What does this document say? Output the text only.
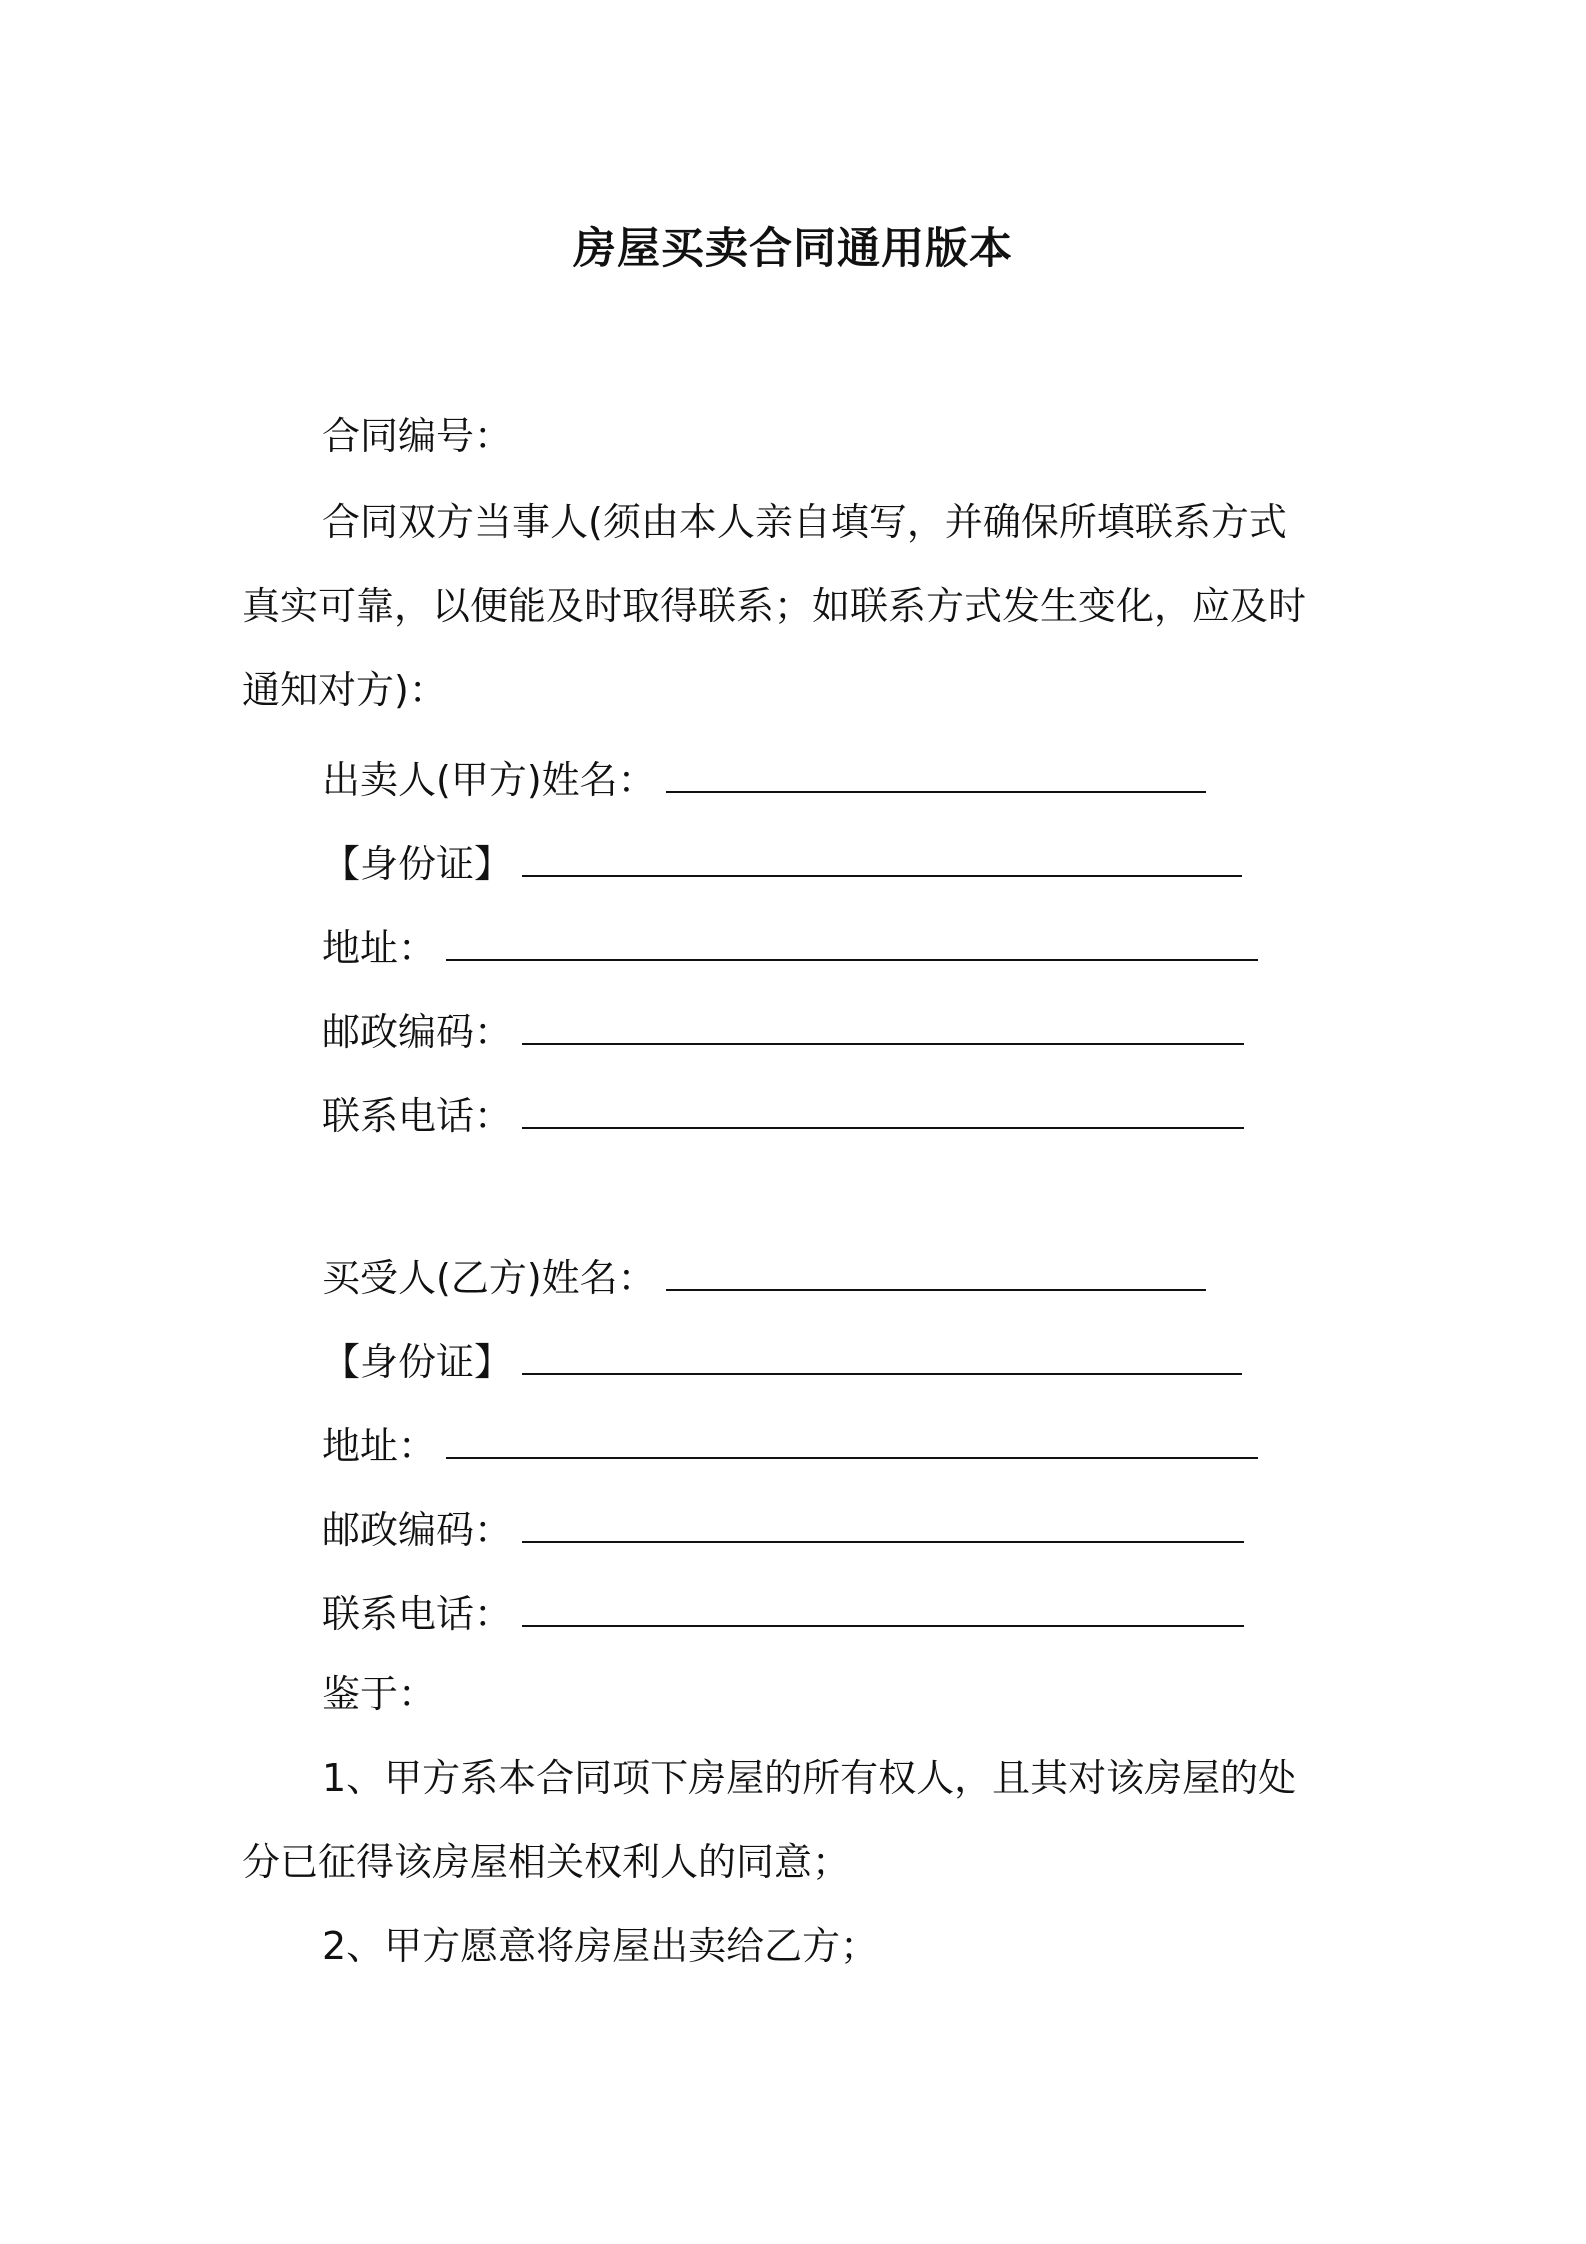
房屋买卖合同通用版本
合同编号：
合同双方当事人(须由本人亲自填写，并确保所填联系方式
真实可靠，以便能及时取得联系；如联系方式发生变化，应及时
通知对方)：
出卖人(甲方)姓名：
【身份证】
地址：
邮政编码：
联系电话：
买受人(乙方)姓名：
【身份证】
地址：
邮政编码：
联系电话：
鉴于：
1、甲方系本合同项下房屋的所有权人，且其对该房屋的处
分已征得该房屋相关权利人的同意；
2、甲方愿意将房屋出卖给乙方；
